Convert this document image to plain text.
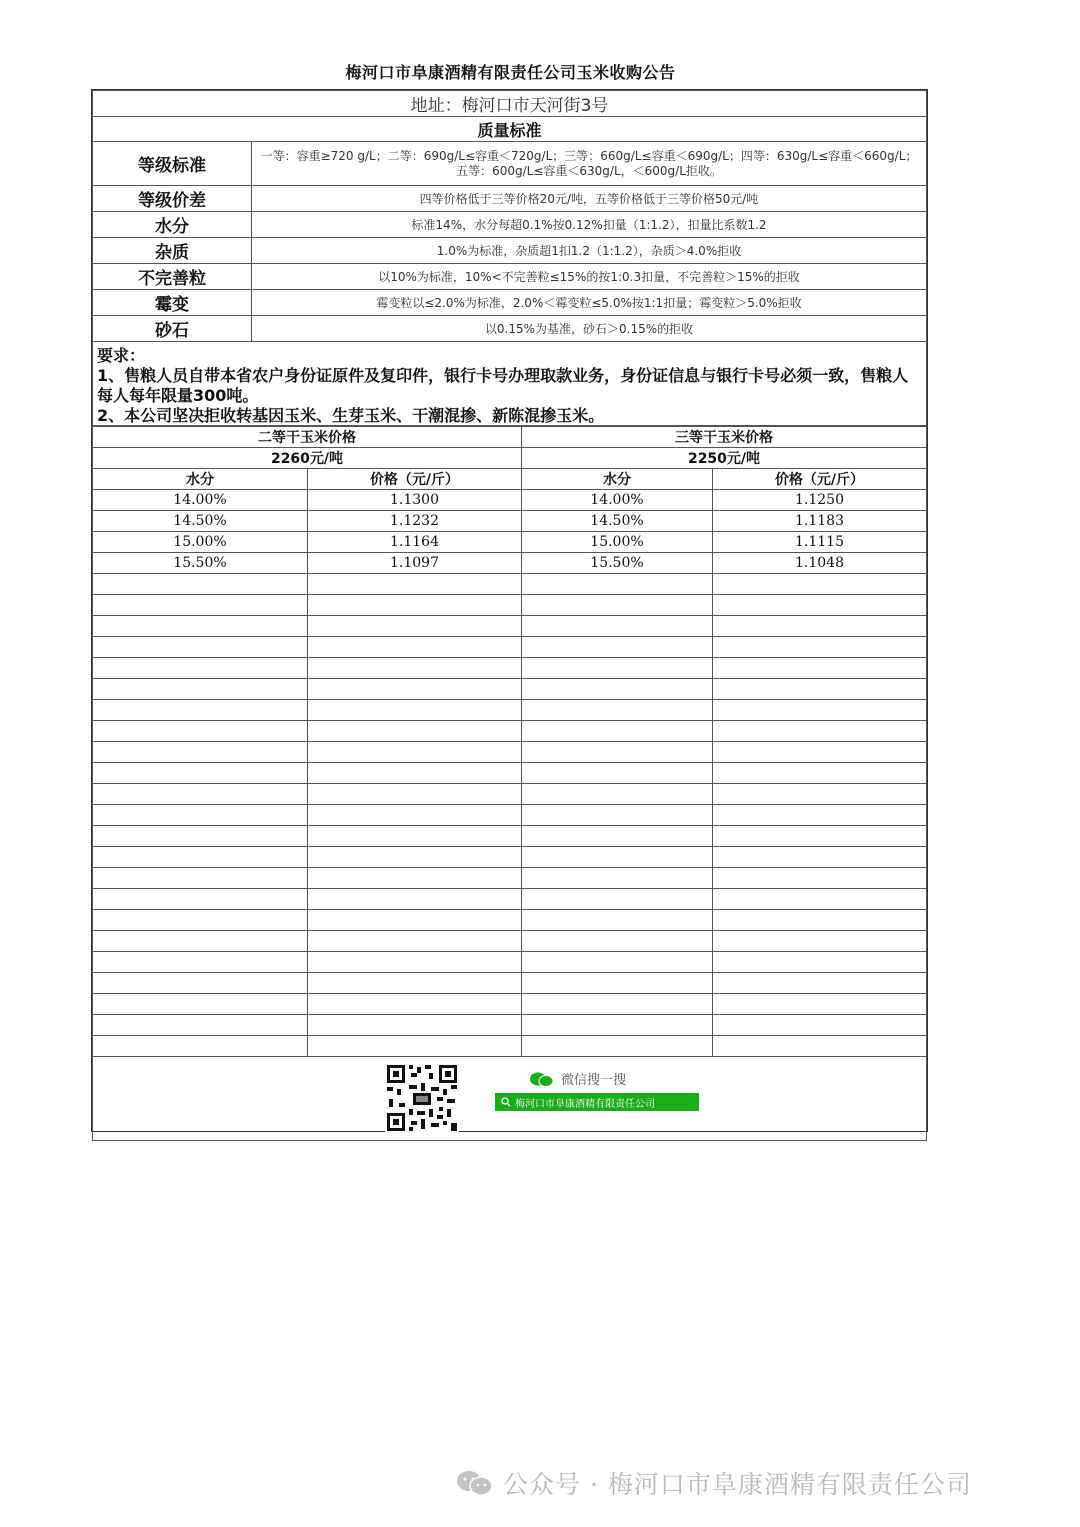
梅河口市阜康酒精有限责任公司玉米收购公告
地址：梅河口市天河街3号	
质量标准	
等级标准	一等：容重≥720 g/L；二等：690g/L≤容重＜720g/L；三等：660g/L≤容重＜690g/L；四等：630g/L≤容重＜660g/L；五等：600g/L≤容重＜630g/L，＜600g/L拒收。
等级价差	四等价格低于三等价格20元/吨，五等价格低于三等价格50元/吨
水分	标准14%，水分每超0.1%按0.12%扣量（1:1.2），扣量比系数1.2
杂质	1.0%为标准，杂质超1扣1.2（1:1.2），杂质＞4.0%拒收
不完善粒	以10%为标准，10%<不完善粒≤15%的按1:0.3扣量，不完善粒＞15%的拒收
霉变	霉变粒以≤2.0%为标准，2.0%＜霉变粒≤5.0%按1:1扣量；霉变粒＞5.0%拒收
砂石	以0.15%为基准，砂石＞0.15%的拒收
要求：
1、售粮人员自带本省农户身份证原件及复印件，银行卡号办理取款业务，身份证信息与银行卡号必须一致，售粮人每人每年限量300吨。
2、本公司坚决拒收转基因玉米、生芽玉米、干潮混掺、新陈混掺玉米。
二等干玉米价格		三等干玉米价格	
2260元/吨		2250元/吨	
水分	价格（元/斤）	水分	价格（元/斤）
14.00%	1.1300	14.00%	1.1250
14.50%	1.1232	14.50%	1.1183
15.00%	1.1164	15.00%	1.1115
15.50%	1.1097	15.50%	1.1048

微信搜一搜
梅河口市阜康酒精有限责任公司
公众号 · 梅河口市阜康酒精有限责任公司
